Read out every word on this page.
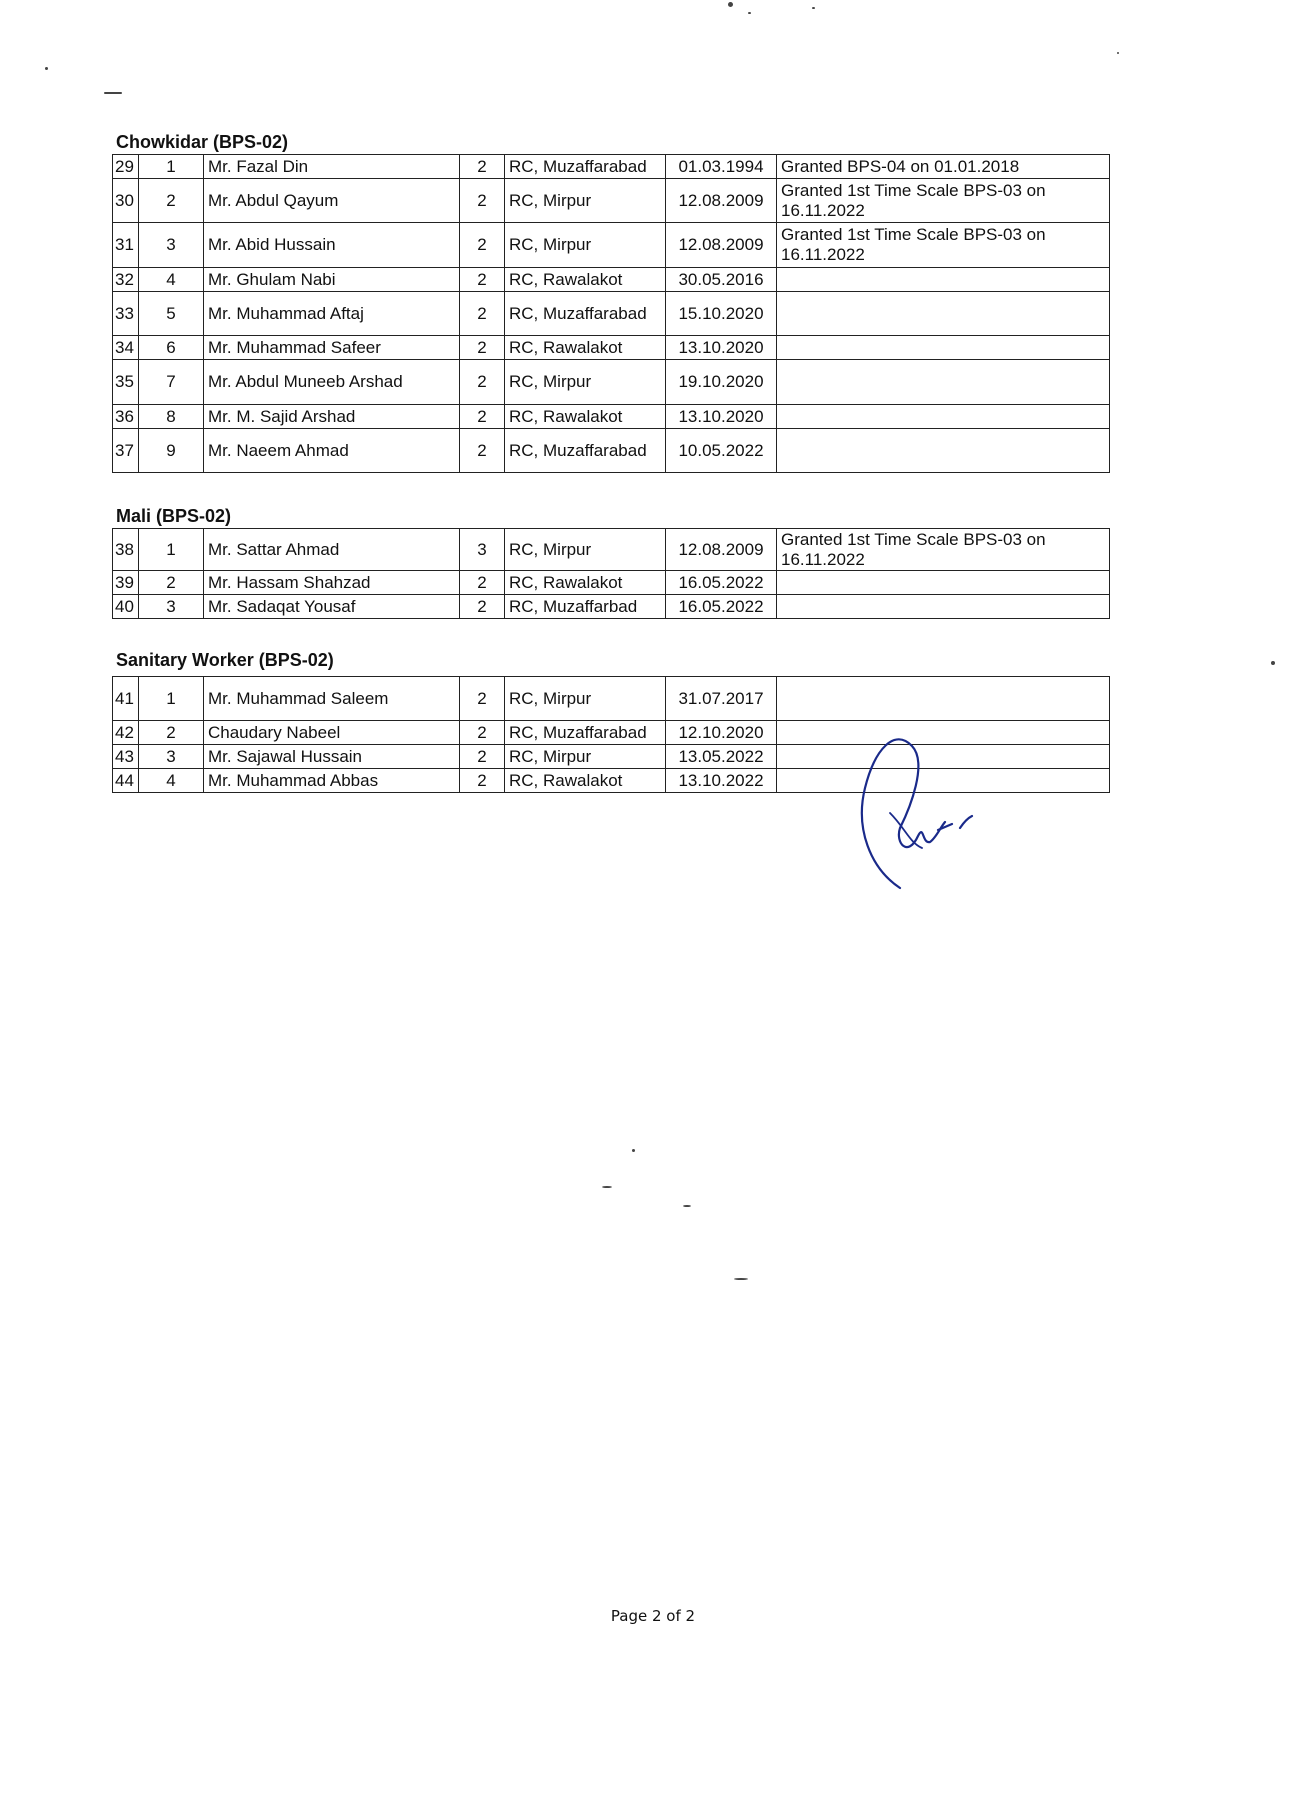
Chowkidar (BPS-02)
29	1	Mr. Fazal Din	2	RC, Muzaffarabad	01.03.1994	Granted BPS-04 on 01.01.2018
30	2	Mr. Abdul Qayum	2	RC, Mirpur	12.08.2009	Granted 1st Time Scale BPS-03 on 16.11.2022
31	3	Mr. Abid Hussain	2	RC, Mirpur	12.08.2009	Granted 1st Time Scale BPS-03 on 16.11.2022
32	4	Mr. Ghulam Nabi	2	RC, Rawalakot	30.05.2016	
33	5	Mr. Muhammad Aftaj	2	RC, Muzaffarabad	15.10.2020	
34	6	Mr. Muhammad Safeer	2	RC, Rawalakot	13.10.2020	
35	7	Mr. Abdul Muneeb Arshad	2	RC, Mirpur	19.10.2020	
36	8	Mr. M. Sajid Arshad	2	RC, Rawalakot	13.10.2020	
37	9	Mr. Naeem Ahmad	2	RC, Muzaffarabad	10.05.2022	
Mali (BPS-02)
38	1	Mr. Sattar Ahmad	3	RC, Mirpur	12.08.2009	Granted 1st Time Scale BPS-03 on 16.11.2022
39	2	Mr. Hassam Shahzad	2	RC, Rawalakot	16.05.2022	
40	3	Mr. Sadaqat Yousaf	2	RC, Muzaffarbad	16.05.2022	
Sanitary Worker (BPS-02)
41	1	Mr. Muhammad Saleem	2	RC, Mirpur	31.07.2017	
42	2	Chaudary Nabeel	2	RC, Muzaffarabad	12.10.2020	
43	3	Mr. Sajawal Hussain	2	RC, Mirpur	13.05.2022	
44	4	Mr. Muhammad Abbas	2	RC, Rawalakot	13.10.2022	
Page 2 of 2
